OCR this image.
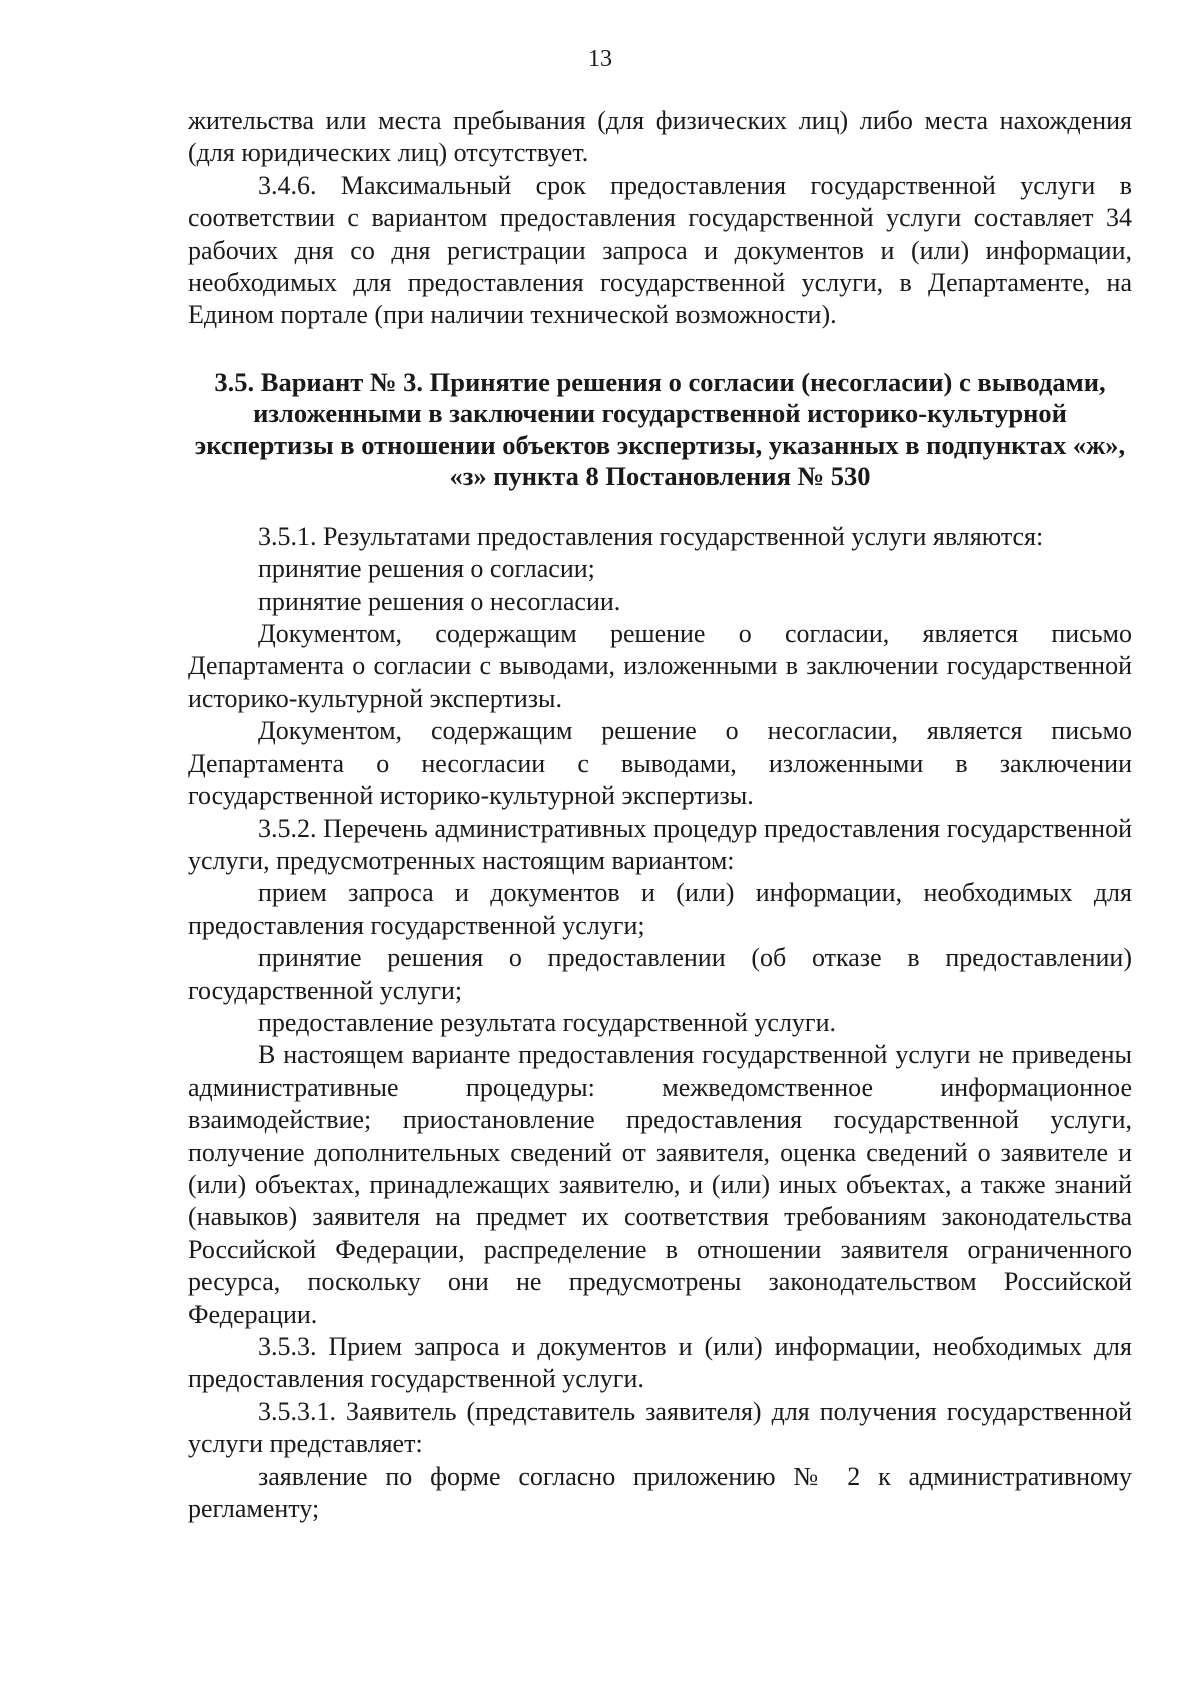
13

жительства или места пребывания (для физических лиц) либо места нахождения (для юридических лиц) отсутствует.

3.4.6. Максимальный срок предоставления государственной услуги в соответствии с вариантом предоставления государственной услуги составляет 34 рабочих дня со дня регистрации запроса и документов и (или) информации, необходимых для предоставления государственной услуги, в Департаменте, на Едином портале (при наличии технической возможности).

3.5. Вариант № 3. Принятие решения о согласии (несогласии) с выводами, изложенными в заключении государственной историко-культурной экспертизы в отношении объектов экспертизы, указанных в подпунктах «ж», «з» пункта 8 Постановления № 530

3.5.1. Результатами предоставления государственной услуги являются:

принятие решения о согласии;

принятие решения о несогласии.

Документом, содержащим решение о согласии, является письмо Департамента о согласии с выводами, изложенными в заключении государственной историко-культурной экспертизы.

Документом, содержащим решение о несогласии, является письмо Департамента о несогласии с выводами, изложенными в заключении государственной историко-культурной экспертизы.

3.5.2. Перечень административных процедур предоставления государственной услуги, предусмотренных настоящим вариантом:

прием запроса и документов и (или) информации, необходимых для предоставления государственной услуги;

принятие решения о предоставлении (об отказе в предоставлении) государственной услуги;

предоставление результата государственной услуги.

В настоящем варианте предоставления государственной услуги не приведены административные процедуры: межведомственное информационное взаимодействие; приостановление предоставления государственной услуги, получение дополнительных сведений от заявителя, оценка сведений о заявителе и (или) объектах, принадлежащих заявителю, и (или) иных объектах, а также знаний (навыков) заявителя на предмет их соответствия требованиям законодательства Российской Федерации, распределение в отношении заявителя ограниченного ресурса, поскольку они не предусмотрены законодательством Российской Федерации.

3.5.3. Прием запроса и документов и (или) информации, необходимых для предоставления государственной услуги.

3.5.3.1. Заявитель (представитель заявителя) для получения государственной услуги представляет:

заявление по форме согласно приложению № 2 к административному регламенту;
